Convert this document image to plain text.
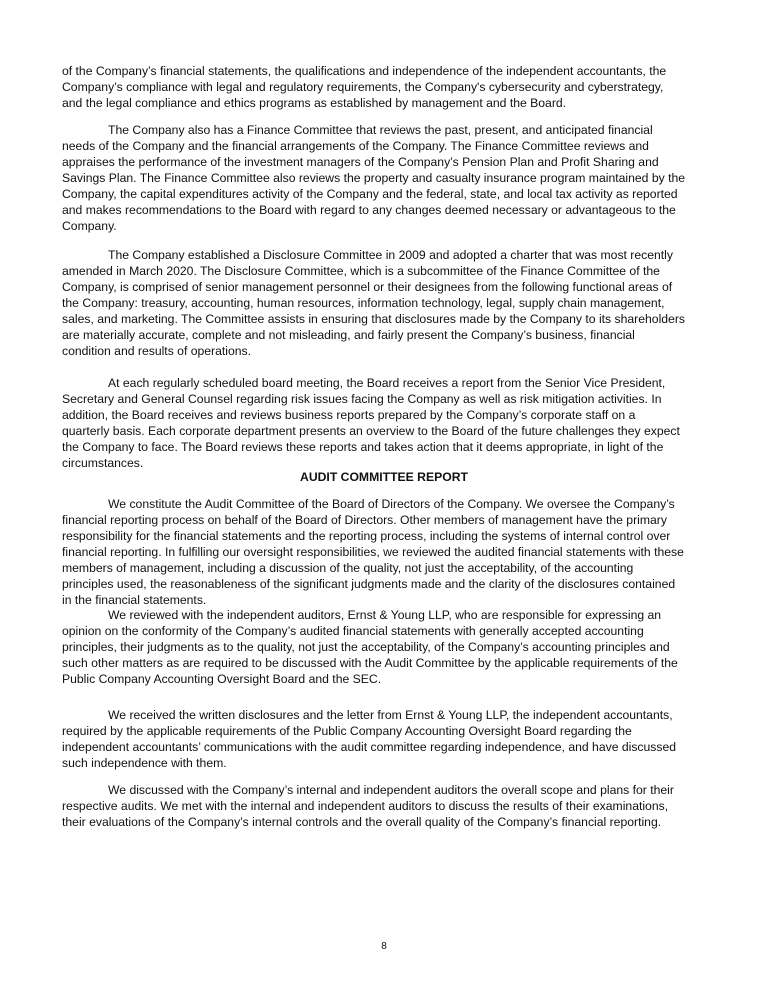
of the Company’s financial statements, the qualifications and independence of the independent accountants, the
Company’s compliance with legal and regulatory requirements, the Company's cybersecurity and cyberstrategy,
and the legal compliance and ethics programs as established by management and the Board.
The Company also has a Finance Committee that reviews the past, present, and anticipated financial
needs of the Company and the financial arrangements of the Company. The Finance Committee reviews and
appraises the performance of the investment managers of the Company’s Pension Plan and Profit Sharing and
Savings Plan. The Finance Committee also reviews the property and casualty insurance program maintained by the
Company, the capital expenditures activity of the Company and the federal, state, and local tax activity as reported
and makes recommendations to the Board with regard to any changes deemed necessary or advantageous to the
Company.
The Company established a Disclosure Committee in 2009 and adopted a charter that was most recently
amended in March 2020. The Disclosure Committee, which is a subcommittee of the Finance Committee of the
Company, is comprised of senior management personnel or their designees from the following functional areas of
the Company: treasury, accounting, human resources, information technology, legal, supply chain management,
sales, and marketing. The Committee assists in ensuring that disclosures made by the Company to its shareholders
are materially accurate, complete and not misleading, and fairly present the Company’s business, financial
condition and results of operations.
At each regularly scheduled board meeting, the Board receives a report from the Senior Vice President,
Secretary and General Counsel regarding risk issues facing the Company as well as risk mitigation activities. In
addition, the Board receives and reviews business reports prepared by the Company’s corporate staff on a
quarterly basis. Each corporate department presents an overview to the Board of the future challenges they expect
the Company to face. The Board reviews these reports and takes action that it deems appropriate, in light of the
circumstances.
AUDIT COMMITTEE REPORT
We constitute the Audit Committee of the Board of Directors of the Company. We oversee the Company’s
financial reporting process on behalf of the Board of Directors. Other members of management have the primary
responsibility for the financial statements and the reporting process, including the systems of internal control over
financial reporting. In fulfilling our oversight responsibilities, we reviewed the audited financial statements with these
members of management, including a discussion of the quality, not just the acceptability, of the accounting
principles used, the reasonableness of the significant judgments made and the clarity of the disclosures contained
in the financial statements.
We reviewed with the independent auditors, Ernst & Young LLP, who are responsible for expressing an
opinion on the conformity of the Company’s audited financial statements with generally accepted accounting
principles, their judgments as to the quality, not just the acceptability, of the Company’s accounting principles and
such other matters as are required to be discussed with the Audit Committee by the applicable requirements of the
Public Company Accounting Oversight Board and the SEC.
We received the written disclosures and the letter from Ernst & Young LLP, the independent accountants,
required by the applicable requirements of the Public Company Accounting Oversight Board regarding the
independent accountants’ communications with the audit committee regarding independence, and have discussed
such independence with them.
We discussed with the Company’s internal and independent auditors the overall scope and plans for their
respective audits. We met with the internal and independent auditors to discuss the results of their examinations,
their evaluations of the Company’s internal controls and the overall quality of the Company’s financial reporting.
8
